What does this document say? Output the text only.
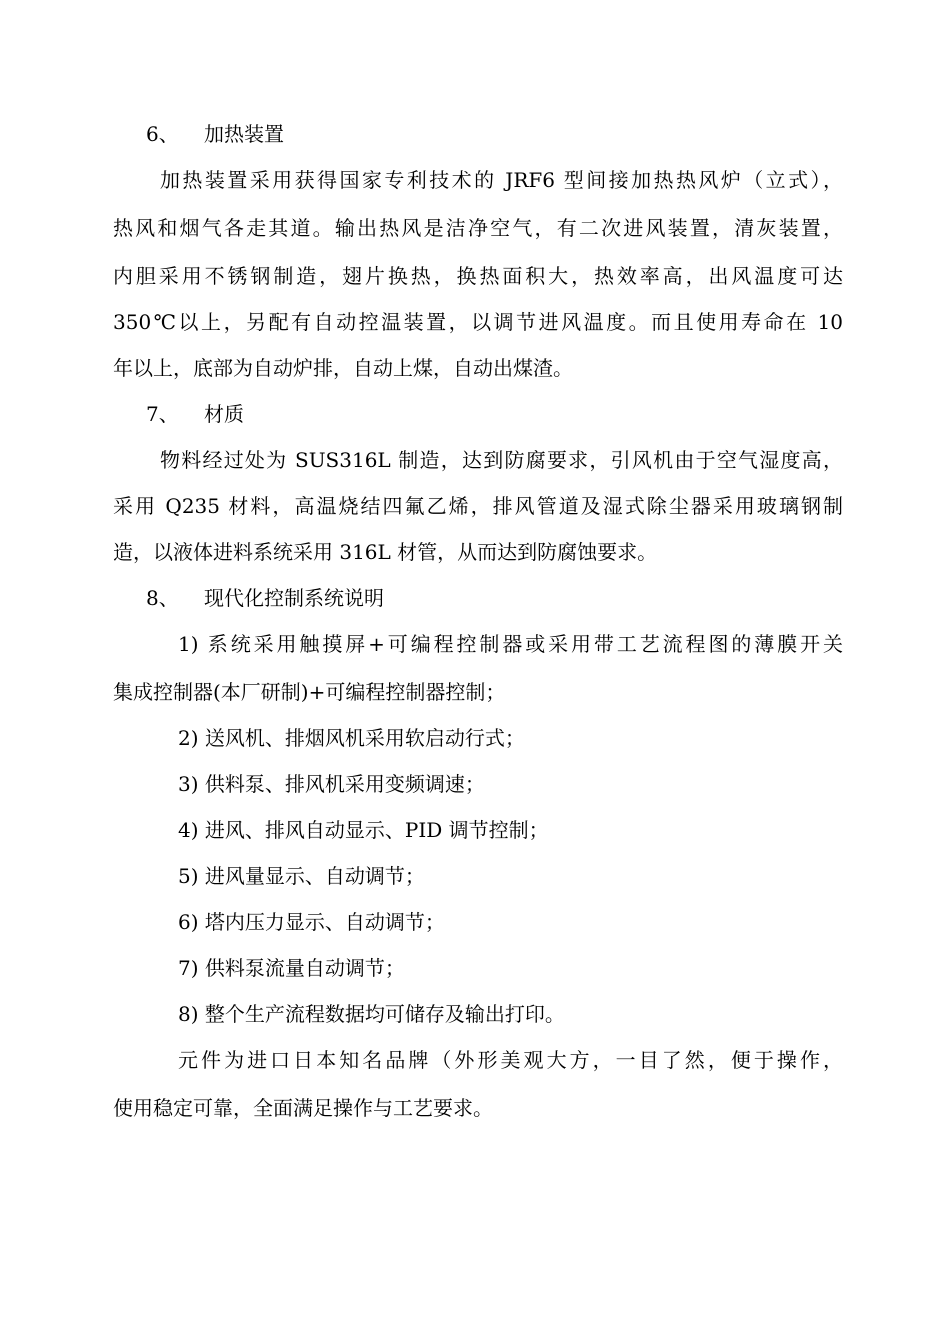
6、 加热装置
加热装置采用获得国家专利技术的 JRF6 型间接加热热风炉（立式），
热风和烟气各走其道。输出热风是洁净空气，有二次进风装置，清灰装置，
内胆采用不锈钢制造，翅片换热，换热面积大，热效率高，出风温度可达
350℃以上，另配有自动控温装置，以调节进风温度。而且使用寿命在 10
年以上，底部为自动炉排，自动上煤，自动出煤渣。
7、 材质
物料经过处为 SUS316L 制造，达到防腐要求，引风机由于空气湿度高，
采用 Q235 材料，高温烧结四氟乙烯，排风管道及湿式除尘器采用玻璃钢制
造，以液体进料系统采用 316L 材管，从而达到防腐蚀要求。
8、 现代化控制系统说明
1) 系统采用触摸屏+可编程控制器或采用带工艺流程图的薄膜开关
集成控制器(本厂研制)+可编程控制器控制；
2) 送风机、排烟风机采用软启动行式；
3) 供料泵、排风机采用变频调速；
4) 进风、排风自动显示、PID 调节控制；
5) 进风量显示、自动调节；
6) 塔内压力显示、自动调节；
7) 供料泵流量自动调节；
8) 整个生产流程数据均可储存及输出打印。
元件为进口日本知名品牌（外形美观大方，一目了然，便于操作，
使用稳定可靠，全面满足操作与工艺要求。
